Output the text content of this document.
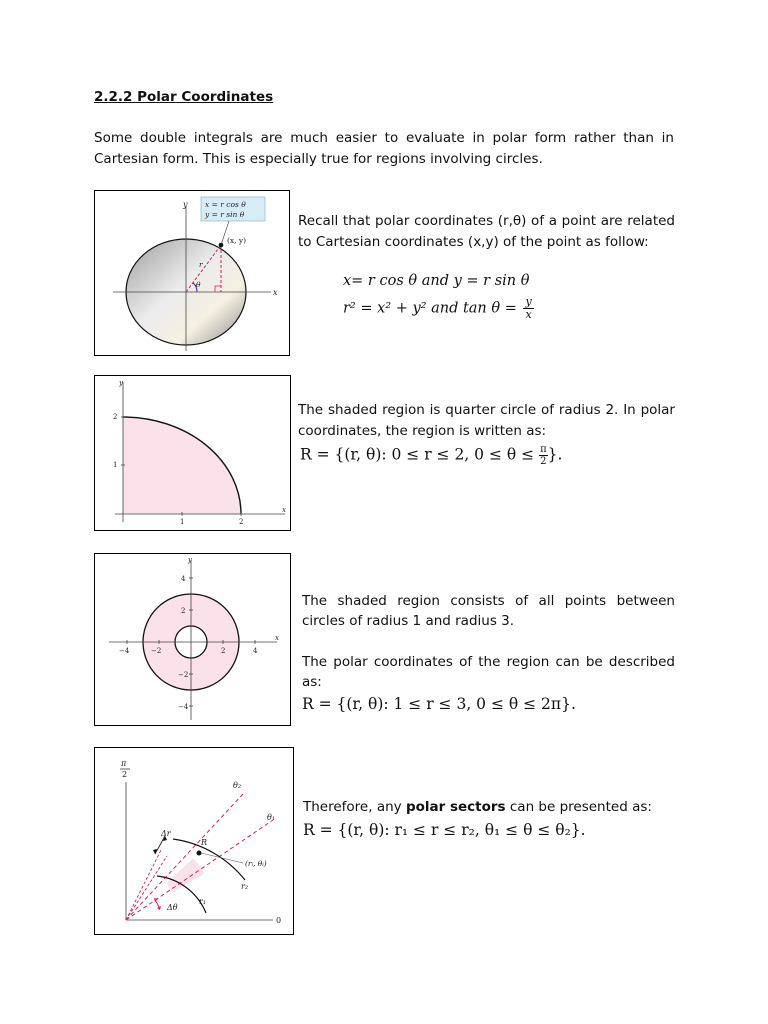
2.2.2 Polar Coordinates
Some double integrals are much easier to evaluate in polar form rather than in Cartesian form. This is especially true for regions involving circles.
x
y x = r cos θ
y = r sin θ
(x, y)
r
θ
Recall that polar coordinates (r,θ) of a point are related to Cartesian coordinates (x,y) of the point as follow:
x= r cos θ and y = r sin θ
r² = x² + y² and $\tan \theta = \frac{y}{x}$
x
y
1	2
1
2	The shaded region is quarter circle of radius 2. In polar coordinates, the region is written as:
R = {(r, θ): 0 ≤ r ≤ 2, $0 \le \theta \le \frac{\pi}{2}$ }.
x
y
−4	−2	2	4
4
2
−2
−4
The shaded region consists of all points between circles of radius 1 and radius 3.
The polar coordinates of the region can be described as:
R = {(r, θ): 1 ≤ r ≤ 3, 0 ≤ θ ≤ 2π}.
π
2
0
θ₂
θ₁
Δr
Δθ
R
(rᵢ, θᵢ)
r₂
r₁
Therefore, any polar sectors can be presented as:
R = {(r, θ): r₁ ≤ r ≤ r₂, θ₁ ≤ θ ≤ θ₂}.
